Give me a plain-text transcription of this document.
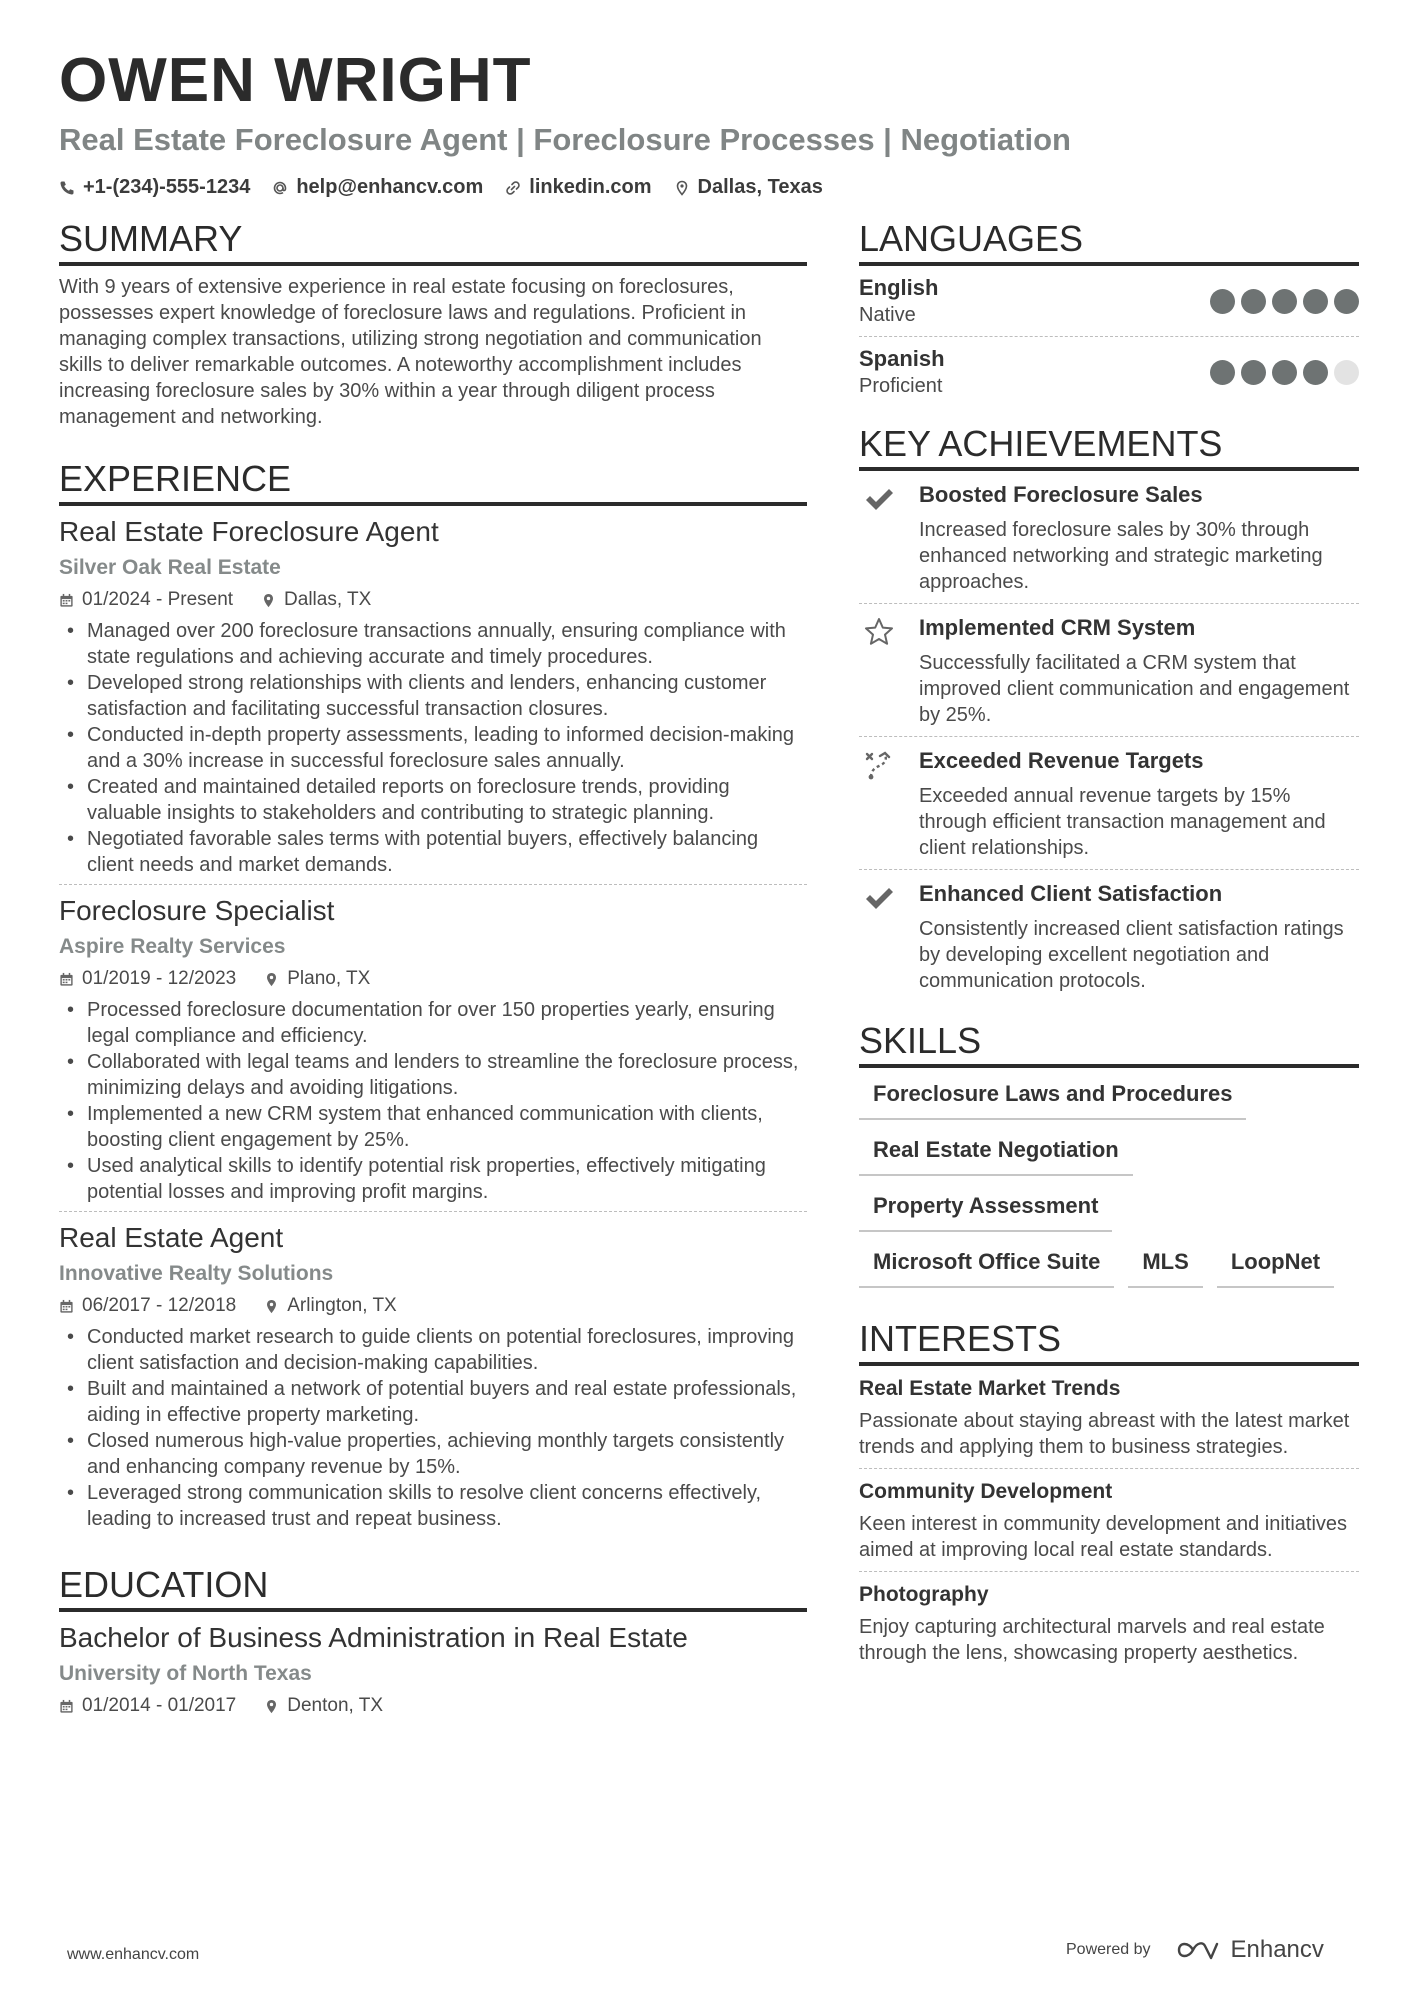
OWEN WRIGHT
Real Estate Foreclosure Agent | Foreclosure Processes | Negotiation
+1-(234)-555-1234 help@enhancv.com linkedin.com Dallas, Texas
SUMMARY

With 9 years of extensive experience in real estate focusing on foreclosures, possesses expert knowledge of foreclosure laws and regulations. Proficient in managing complex transactions, utilizing strong negotiation and communication skills to deliver remarkable outcomes. A noteworthy accomplishment includes increasing foreclosure sales by 30% within a year through diligent process management and networking.

EXPERIENCE
Real Estate Foreclosure Agent
Silver Oak Real Estate
01/2024 - Present	Dallas, TX
• Managed over 200 foreclosure transactions annually, ensuring compliance with state regulations and achieving accurate and timely procedures.
• Developed strong relationships with clients and lenders, enhancing customer satisfaction and facilitating successful transaction closures.
• Conducted in-depth property assessments, leading to informed decision-making and a 30% increase in successful foreclosure sales annually.
• Created and maintained detailed reports on foreclosure trends, providing valuable insights to stakeholders and contributing to strategic planning.
• Negotiated favorable sales terms with potential buyers, effectively balancing client needs and market demands.
Foreclosure Specialist
Aspire Realty Services
01/2019 - 12/2023	Plano, TX
• Processed foreclosure documentation for over 150 properties yearly, ensuring legal compliance and efficiency.
• Collaborated with legal teams and lenders to streamline the foreclosure process, minimizing delays and avoiding litigations.
• Implemented a new CRM system that enhanced communication with clients, boosting client engagement by 25%.
• Used analytical skills to identify potential risk properties, effectively mitigating potential losses and improving profit margins.
Real Estate Agent
Innovative Realty Solutions
06/2017 - 12/2018	Arlington, TX
• Conducted market research to guide clients on potential foreclosures, improving client satisfaction and decision-making capabilities.
• Built and maintained a network of potential buyers and real estate professionals, aiding in effective property marketing.
• Closed numerous high-value properties, achieving monthly targets consistently and enhancing company revenue by 15%.
• Leveraged strong communication skills to resolve client concerns effectively, leading to increased trust and repeat business.
EDUCATION
Bachelor of Business Administration in Real Estate
University of North Texas
01/2014 - 01/2017	Denton, TX
LANGUAGES
English
Native
Spanish
Proficient
KEY ACHIEVEMENTS
Boosted Foreclosure Sales
Increased foreclosure sales by 30% through enhanced networking and strategic marketing approaches.
Implemented CRM System
Successfully facilitated a CRM system that improved client communication and engagement by 25%.
Exceeded Revenue Targets
Exceeded annual revenue targets by 15% through efficient transaction management and client relationships.
Enhanced Client Satisfaction
Consistently increased client satisfaction ratings by developing excellent negotiation and communication protocols.
SKILLS
Foreclosure Laws and Procedures
Real Estate Negotiation
Property Assessment
Microsoft Office Suite	MLS	LoopNet
INTERESTS
Real Estate Market Trends
Passionate about staying abreast with the latest market trends and applying them to business strategies.
Community Development
Keen interest in community development and initiatives aimed at improving local real estate standards.
Photography
Enjoy capturing architectural marvels and real estate through the lens, showcasing property aesthetics.
www.enhancv.com	Powered by	Enhancv
